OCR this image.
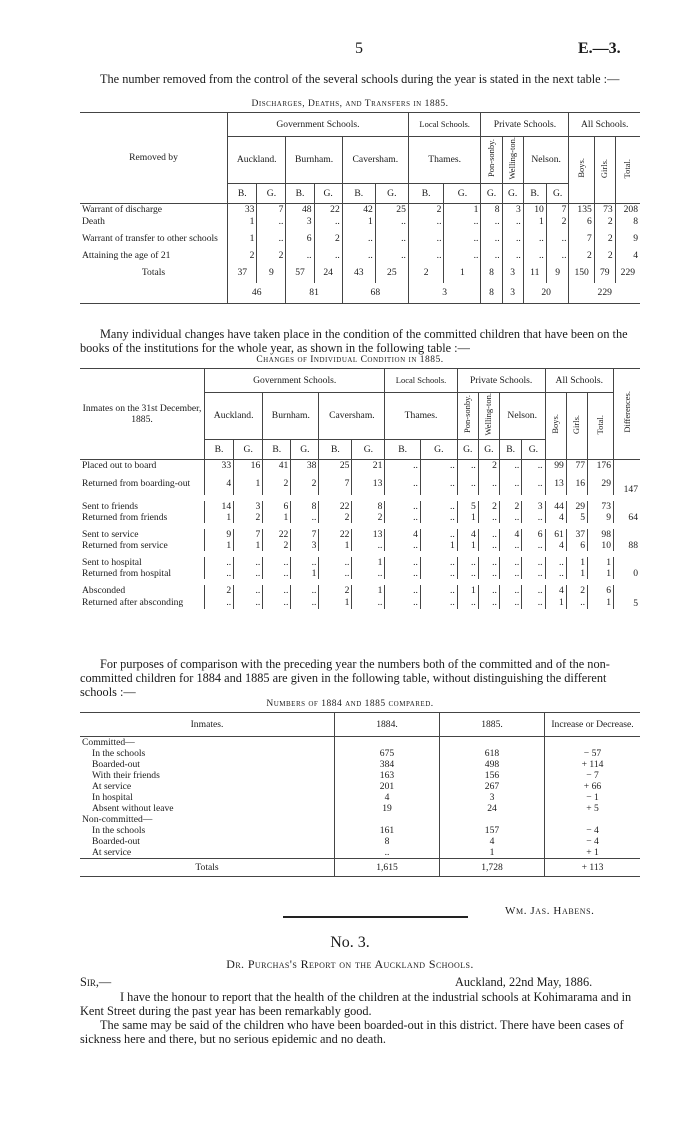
5	E.—3.
The number removed from the control of the several schools during the year is stated in the next table :—
Discharges, Deaths, and Transfers in 1885.
Removed by	Government Schools.						Local Schools.		Private Schools.				All Schools.		
	Auckland.		Burnham.		Caversham.		Thames.		Pon-sonby.	Welling-ton.	Nelson.		Boys.	Girls.	Total.
	B.	G.	B.	G.	B.	G.	B.	G.	G.	G.	B.	G.			
Warrant of discharge	33	7	48	22	42	25	2	1	8	3	10	7	135	73	208
Death	1	..	3	..	1	..	..	..	..	..	1	2	6	2	8
Warrant of transfer to other schools	1	..	6	2	..	..	..	..	..	..	..	..	7	2	9
Attaining the age of 21	2	2	..	..	..	..	..	..	..	..	..	..	2	2	4
Totals	37	9	57	24	43	25	2	1	8	3	11	9	150	79	229
	46		81		68		3		8	3	20		229		
Many individual changes have taken place in the condition of the committed children that have been on the books of the institutions for the whole year, as shown in the following table :—
Changes of Individual Condition in 1885.
Inmates on the 31st December, 1885.	Government Schools.						Local Schools.		Private Schools.				All Schools.			Differences.
	Auckland.		Burnham.		Caversham.		Thames.		Pon-sonby.	Welling-ton.	Nelson.		Boys.	Girls.	Total.	
	B.	G.	B.	G.	B.	G.	B.	G.	G.	G.	B.	G.				
Placed out to board	33	16	41	38	25	21	..	..	..	2	..	..	99	77	176	
Returned from boarding-out	4	1	2	2	7	13	..	..	..	..	..	..	13	16	29	147
Sent to friends	14	3	6	8	22	8	..	..	5	2	2	3	44	29	73	
Returned from friends	1	2	1	..	2	2	..	..	1	..	..	..	4	5	9	64
Sent to service	9	7	22	7	22	13	4	..	4	..	4	6	61	37	98	
Returned from service	1	1	2	3	1	..	..	1	1	..	..	..	4	6	10	88
Sent to hospital	..	..	..	..	..	1	..	..	..	..	..	..	..	1	1	
Returned from hospital	..	..	..	1	..	..	..	..	..	..	..	..	..	1	1	0
Absconded	2	..	..	..	2	1	..	..	1	..	..	..	4	2	6	
Returned after absconding	..	..	..	..	1	..	..	..	..	..	..	..	1	..	1	5
For purposes of comparison with the preceding year the numbers both of the committed and of the non-committed children for 1884 and 1885 are given in the following table, without distinguishing the different schools :—
Numbers of 1884 and 1885 compared.
Inmates.	1884.	1885.	Increase or Decrease.
Committed—			
In the schools	675	618	− 57
Boarded-out	384	498	+ 114
With their friends	163	156	− 7
At service	201	267	+ 66
In hospital	4	3	− 1
Absent without leave	19	24	+ 5
Non-committed—			
In the schools	161	157	− 4
Boarded-out	8	4	− 4
At service	..	1	+ 1
Totals	1,615	1,728	+ 113
Wm. Jas. Habens.
No. 3.
Dr. Purchas's Report on the Auckland Schools.
Sir,—	Auckland, 22nd May, 1886.
I have the honour to report that the health of the children at the industrial schools at Kohimarama and in Kent Street during the past year has been remarkably good.
The same may be said of the children who have been boarded-out in this district. There have been cases of sickness here and there, but no serious epidemic and no death.
